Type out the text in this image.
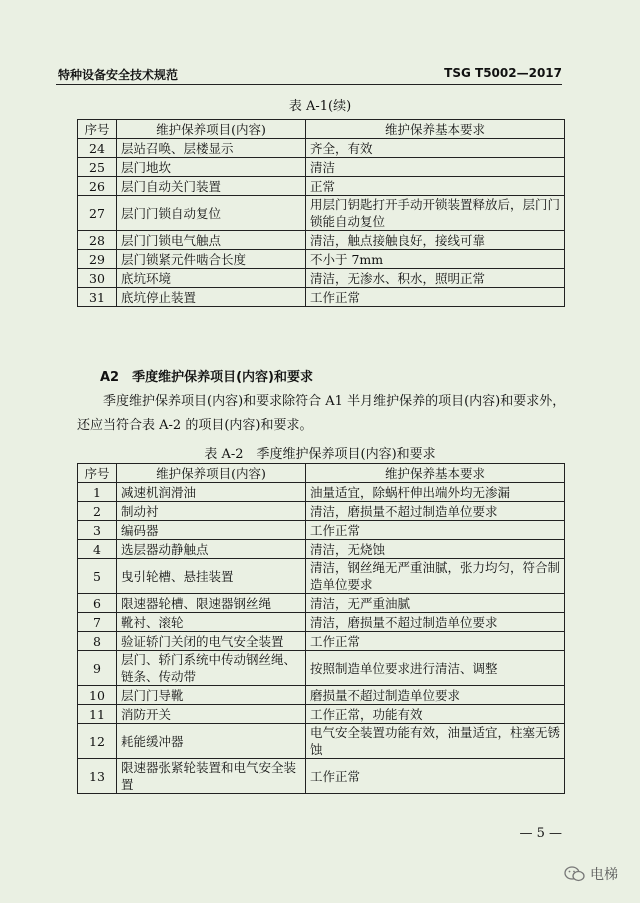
特种设备安全技术规范	TSG T5002—2017
表 A-1(续)
序号	维护保养项目(内容)	维护保养基本要求
24	层站召唤、层楼显示	齐全，有效
25	层门地坎	清洁
26	层门自动关门装置	正常
27	层门门锁自动复位	用层门钥匙打开手动开锁装置释放后，层门门锁能自动复位
28	层门门锁电气触点	清洁，触点接触良好，接线可靠
29	层门锁紧元件啮合长度	不小于 7mm
30	底坑环境	清洁，无渗水、积水，照明正常
31	底坑停止装置	工作正常
A2　季度维护保养项目(内容)和要求
季度维护保养项目(内容)和要求除符合 A1 半月维护保养的项目(内容)和要求外，还应当符合表 A-2 的项目(内容)和要求。
表 A-2　季度维护保养项目(内容)和要求
序号	维护保养项目(内容)	维护保养基本要求
1	减速机润滑油	油量适宜，除蜗杆伸出端外均无渗漏
2	制动衬	清洁，磨损量不超过制造单位要求
3	编码器	工作正常
4	选层器动静触点	清洁，无烧蚀
5	曳引轮槽、悬挂装置	清洁，钢丝绳无严重油腻，张力均匀，符合制造单位要求
6	限速器轮槽、限速器钢丝绳	清洁，无严重油腻
7	靴衬、滚轮	清洁，磨损量不超过制造单位要求
8	验证轿门关闭的电气安全装置	工作正常
9	层门、轿门系统中传动钢丝绳、链条、传动带	按照制造单位要求进行清洁、调整
10	层门门导靴	磨损量不超过制造单位要求
11	消防开关	工作正常，功能有效
12	耗能缓冲器	电气安全装置功能有效，油量适宜，柱塞无锈蚀
13	限速器张紧轮装置和电气安全装置	工作正常
— 5 —
电梯
